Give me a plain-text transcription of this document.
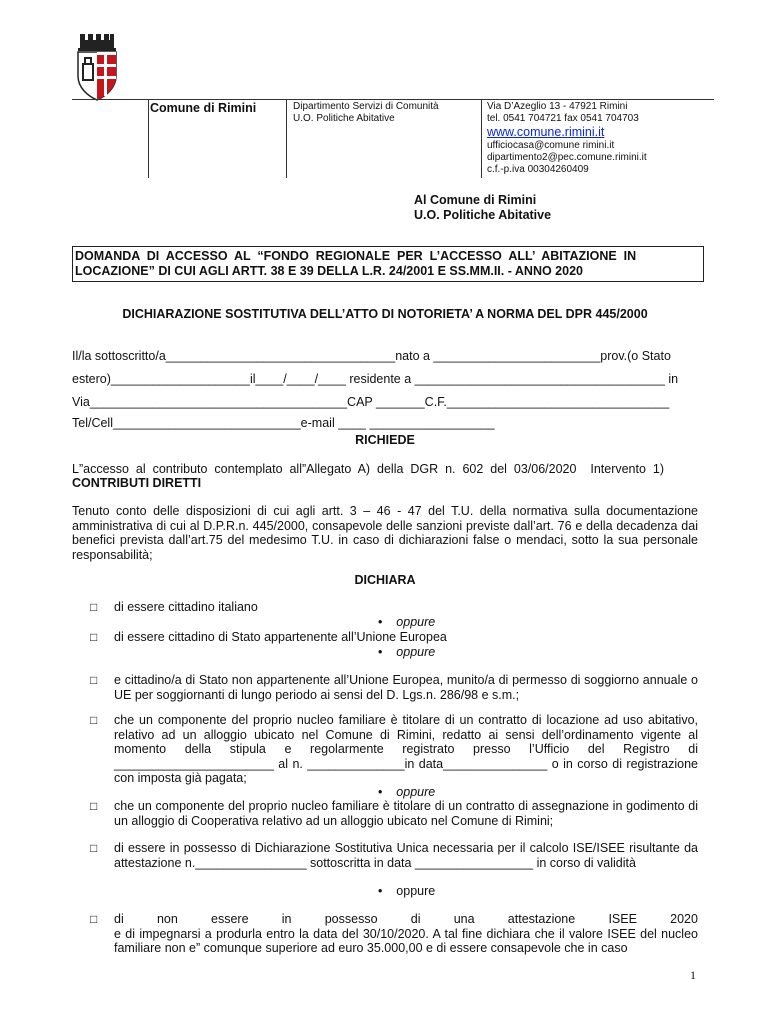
Comune di Rimini	Dipartimento Servizi di Comunità
U.O. Politiche Abitative
Via D’Azeglio 13 - 47921 Rimini
tel. 0541 704721 fax 0541 704703
www.comune.rimini.it
ufficiocasa@comune rimini.it
dipartimento2@pec.comune.rimini.it
c.f.-p.iva 00304260409
Al Comune di Rimini
U.O. Politiche Abitative
DOMANDA  DI  ACCESSO  AL  “FONDO  REGIONALE  PER  L’ACCESSO  ALL’  ABITAZIONE  IN
LOCAZIONE” DI CUI AGLI ARTT. 38 E 39 DELLA L.R. 24/2001 E SS.MM.II. - ANNO 2020
DICHIARAZIONE SOSTITUTIVA DELL’ATTO DI NOTORIETA’ A NORMA DEL DPR 445/2000
Il/la sottoscritto/a_________________________________nato a ________________________prov.(o Stato
estero)____________________il____/____/____ residente a ____________________________________ in
Via_____________________________________CAP _______C.F.________________________________
Tel/Cell___________________________e-mail ____ __________________
RICHIEDE
L”accesso  al  contributo  contemplato  all”Allegato  A)  della  DGR  n.  602  del  03/06/2020    Intervento  1)
CONTRIBUTI DIRETTI
Tenuto conto delle disposizioni di cui agli artt. 3 – 46 - 47 del T.U. della normativa sulla documentazione amministrativa di cui al D.P.R.n. 445/2000, consapevole delle sanzioni previste dall’art. 76 e della decadenza dai benefici prevista dall’art.75 del medesimo T.U. in caso di dichiarazioni false o mendaci, sotto la sua personale responsabilità;
DICHIARA
□ di essere cittadino italiano
• oppure
□ di essere cittadino di Stato appartenente all’Unione Europea
• oppure
□ e cittadino/a di Stato non appartenente all’Unione Europea, munito/a di permesso di soggiorno annuale o UE per soggiornanti di lungo periodo ai sensi del D. Lgs.n. 286/98 e s.m.;
□ che un componente del proprio nucleo familiare è titolare di un contratto di locazione ad uso abitativo, relativo ad un alloggio ubicato nel Comune di Rimini, redatto ai sensi dell’ordinamento vigente al momento della stipula e regolarmente registrato presso l’Ufficio del Registro di _______________________ al n. ______________in data_______________ o in corso di registrazione con imposta già pagata;
• oppure
□ che un componente del proprio nucleo familiare è titolare di un contratto di assegnazione in godimento di un alloggio di Cooperativa relativo ad un alloggio ubicato nel Comune di Rimini;
□ di essere in possesso di Dichiarazione Sostitutiva Unica necessaria per il calcolo ISE/ISEE risultante da attestazione n.________________ sottoscritta in data _________________ in corso di validità
• oppure
□ di	non	essere	in	possesso	di	una	attestazione	ISEE	2020
e di impegnarsi a produrla entro la data del 30/10/2020. A tal fine dichiara che il valore ISEE del nucleo familiare non e” comunque superiore ad euro 35.000,00 e di essere consapevole che in caso
1
